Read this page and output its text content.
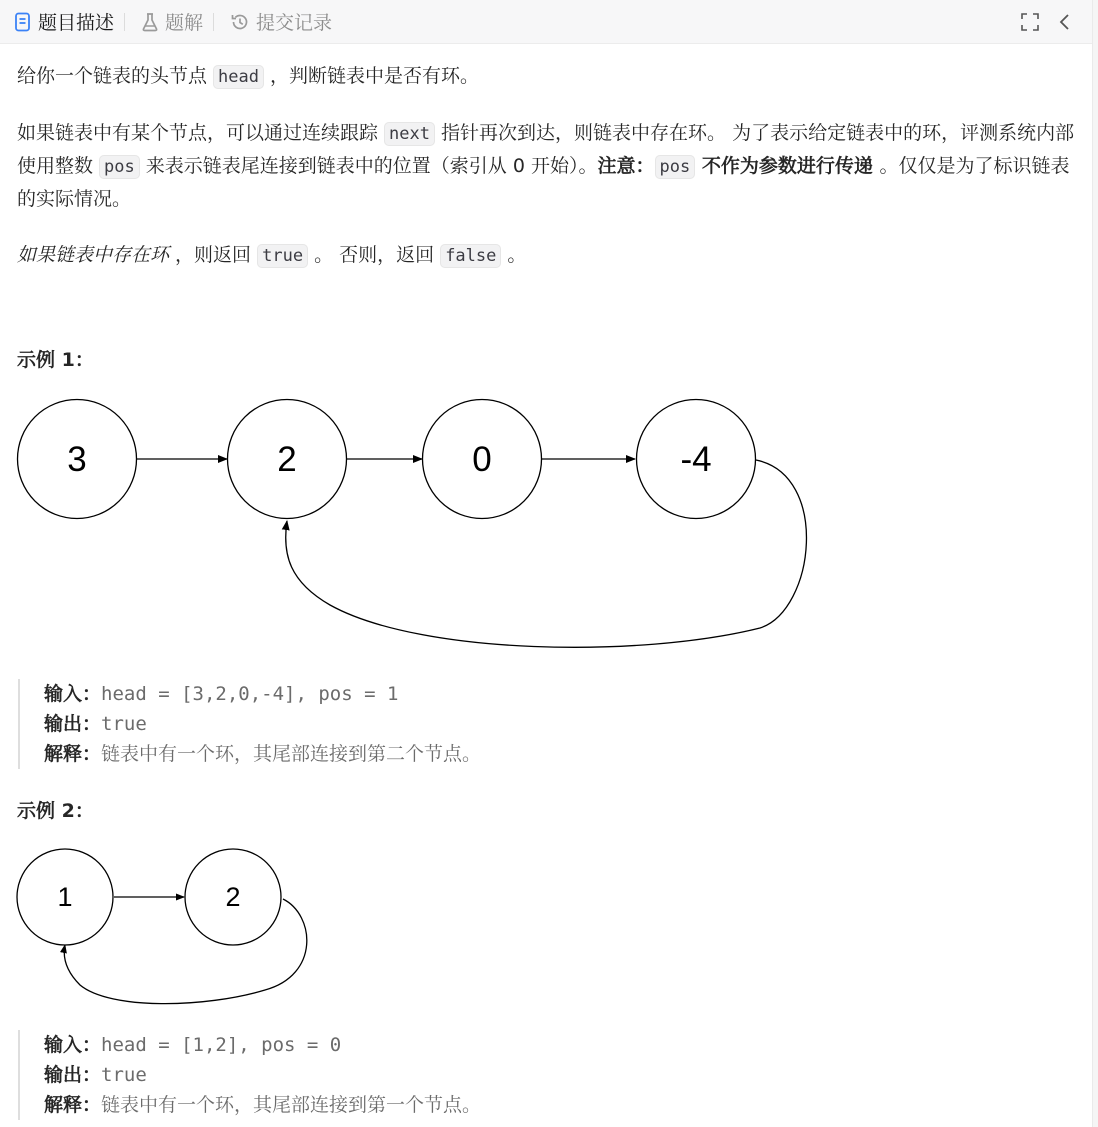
题目描述	题解	提交记录

给你一个链表的头节点 head ，判断链表中是否有环。

如果链表中有某个节点，可以通过连续跟踪 next 指针再次到达，则链表中存在环。 为了表示给定链表中的环，评测系统内部使用整数 pos 来表示链表尾连接到链表中的位置（索引从 0 开始）。注意： pos 不作为参数进行传递 。仅仅是为了标识链表的实际情况。

如果链表中存在环 ，则返回 true 。 否则，返回 false 。

示例 1：
3	2	0	-4
输入：head = [3,2,0,-4], pos = 1
输出：true
解释：链表中有一个环，其尾部连接到第二个节点。
示例 2：
1	2
输入：head = [1,2], pos = 0
输出：true
解释：链表中有一个环，其尾部连接到第一个节点。
